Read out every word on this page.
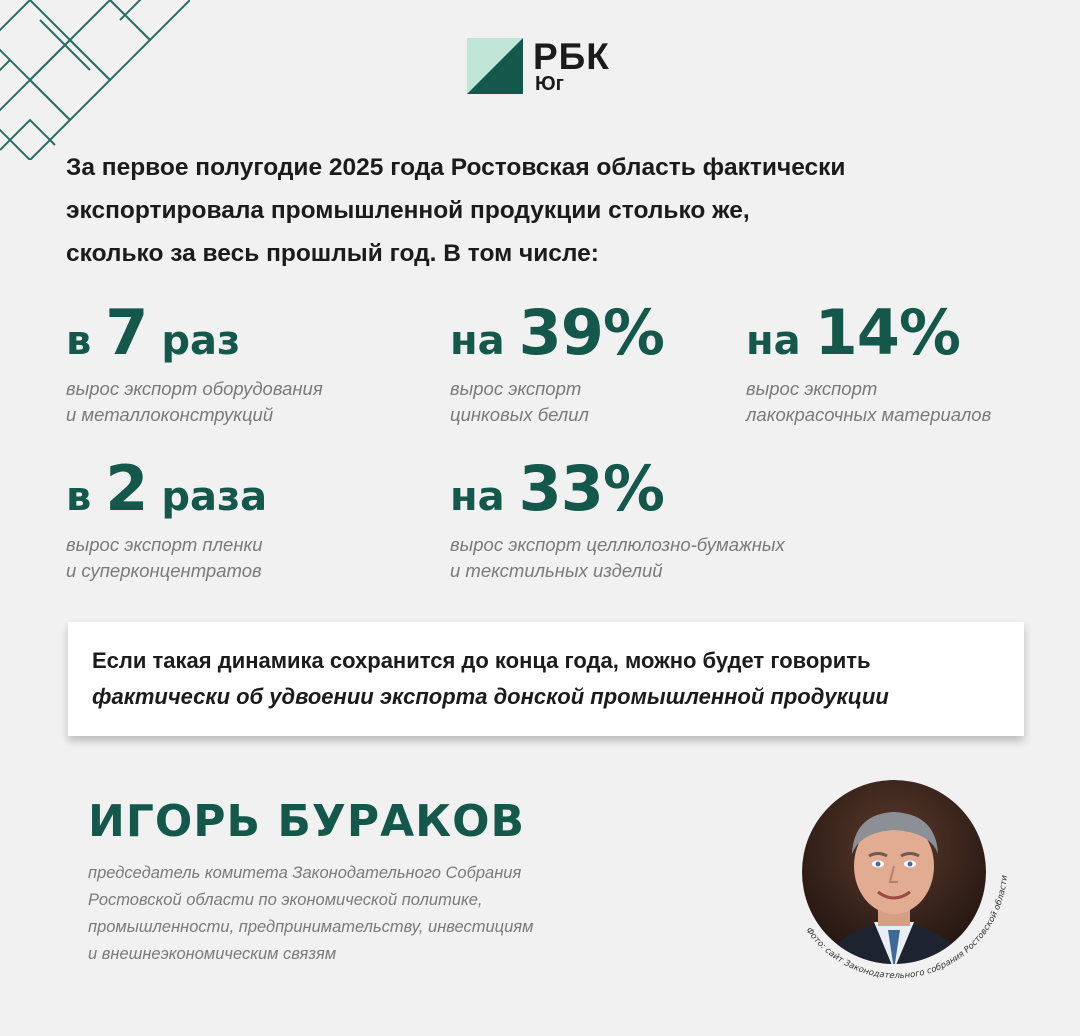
РБК
Юг
За первое полугодие 2025 года Ростовская область фактически
экспортировала промышленной продукции столько же,
сколько за весь прошлый год. В том числе:
в 7 раз
вырос экспорт оборудования
и металлоконструкций
на 39%
вырос экспорт
цинковых белил
на 14%
вырос экспорт
лакокрасочных материалов
в 2 раза
вырос экспорт пленки
и суперконцентратов
на 33%
вырос экспорт целлюлозно-бумажных
и текстильных изделий
Если такая динамика сохранится до конца года, можно будет говорить
фактически об удвоении экспорта донской промышленной продукции
ИГОРЬ БУРАКОВ
председатель комитета Законодательного Собрания
Ростовской области по экономической политике,
промышленности, предпринимательству, инвестициям
и внешнеэкономическим связям
Фото: сайт Законодательного собрания Ростовской области
